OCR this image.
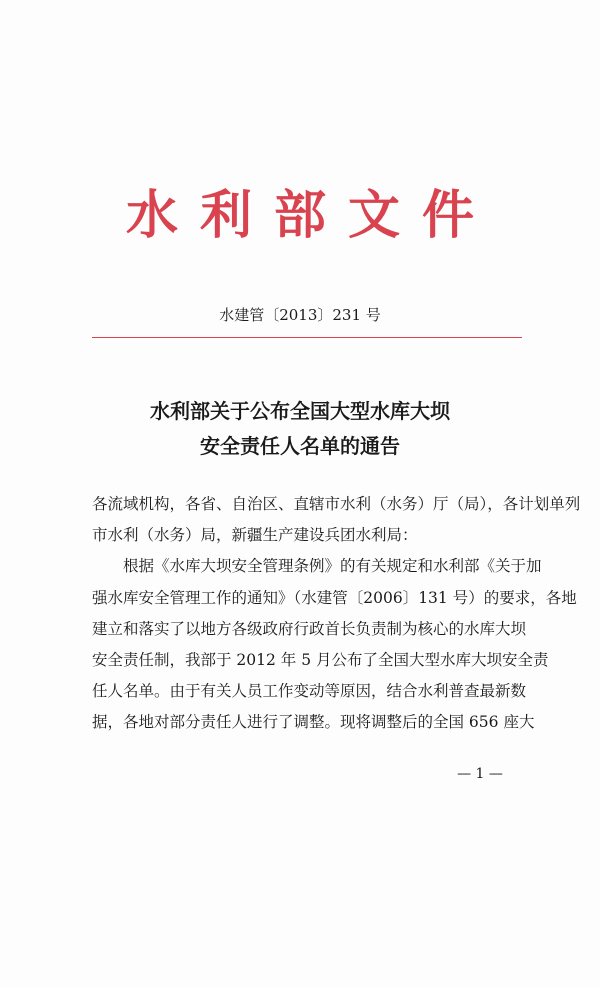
水利部文件
水建管〔2013〕231 号
水利部关于公布全国大型水库大坝
安全责任人名单的通告
各流域机构，各省、自治区、直辖市水利（水务）厅（局），各计划单列
市水利（水务）局，新疆生产建设兵团水利局：
　　根据《水库大坝安全管理条例》的有关规定和水利部《关于加
强水库安全管理工作的通知》（水建管〔2006〕131 号）的要求，各地
建立和落实了以地方各级政府行政首长负责制为核心的水库大坝
安全责任制，我部于 2012 年 5 月公布了全国大型水库大坝安全责
任人名单。由于有关人员工作变动等原因，结合水利普查最新数
据，各地对部分责任人进行了调整。现将调整后的全国 656 座大
— 1 —
